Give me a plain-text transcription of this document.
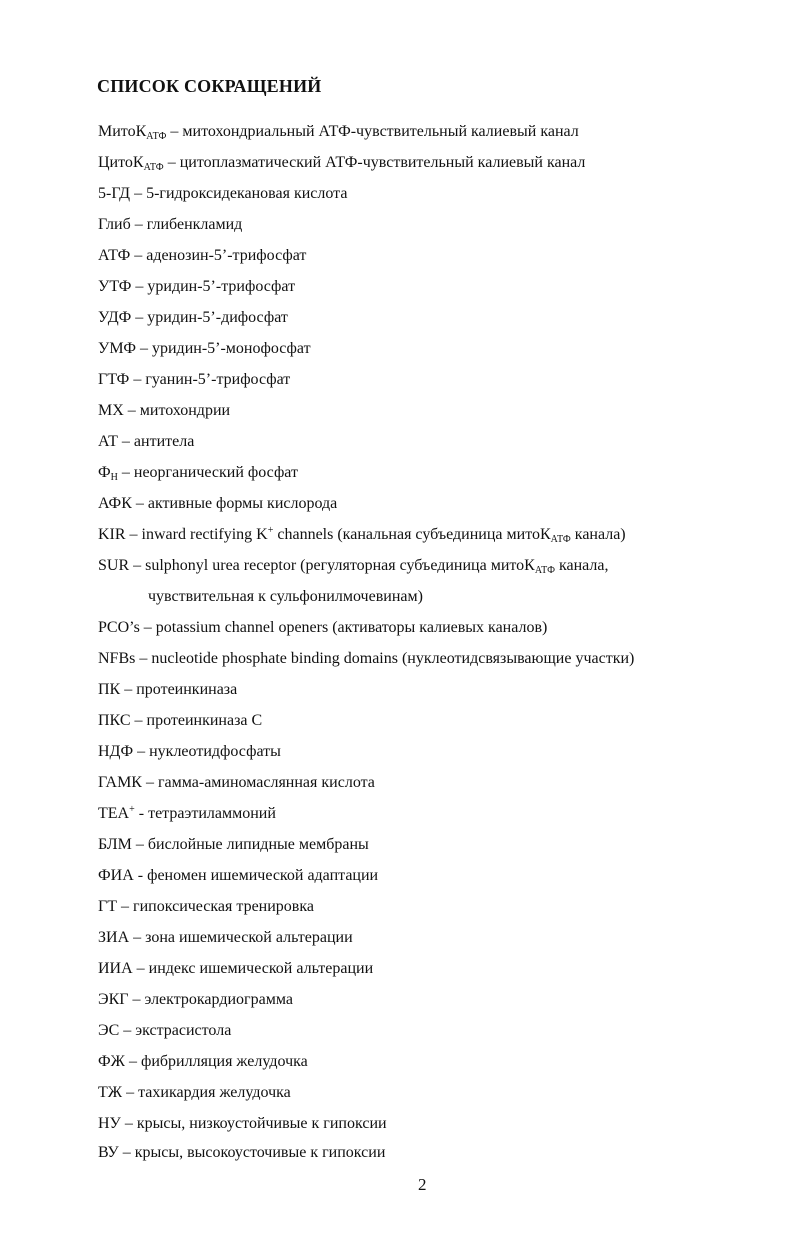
СПИСОК СОКРАЩЕНИЙ
МитоК$_{АТФ}$ – митохондриальный АТФ-чувствительный калиевый канал
ЦитоК$_{АТФ}$ – цитоплазматический АТФ-чувствительный калиевый канал
5-ГД – 5-гидроксидекановая кислота
Глиб – глибенкламид
АТФ – аденозин-5’-трифосфат
УТФ – уридин-5’-трифосфат
УДФ – уридин-5’-дифосфат
УМФ – уридин-5’-монофосфат
ГТФ – гуанин-5’-трифосфат
МХ – митохондрии
АТ – антитела
$Ф_Н$ – неорганический фосфат
АФК – активные формы кислорода
KIR – inward rectifying K+ channels (канальная субъединица митоК$_{АТФ}$ канала)
SUR – sulphonyl urea receptor (регуляторная субъединица митоК$_{АТФ}$ канала,
чувствительная к сульфонилмочевинам)
PCO’s – potassium channel openers (активаторы калиевых каналов)
NFBs – nucleotide phosphate binding domains (нуклеотидсвязывающие участки)
ПК – протеинкиназа
ПКС – протеинкиназа С
НДФ – нуклеотидфосфаты
ГАМК – гамма-аминомаслянная кислота
ТЕА+ - тетраэтиламмоний
БЛМ – бислойные липидные мембраны
ФИА - феномен ишемической адаптации
ГТ – гипоксическая тренировка
ЗИА – зона ишемической альтерации
ИИА – индекс ишемической альтерации
ЭКГ – электрокардиограмма
ЭС – экстрасистола
ФЖ – фибрилляция желудочка
ТЖ – тахикардия желудочка
НУ – крысы, низкоустойчивые к гипоксии
ВУ – крысы, высокоусточивые к гипоксии
2
